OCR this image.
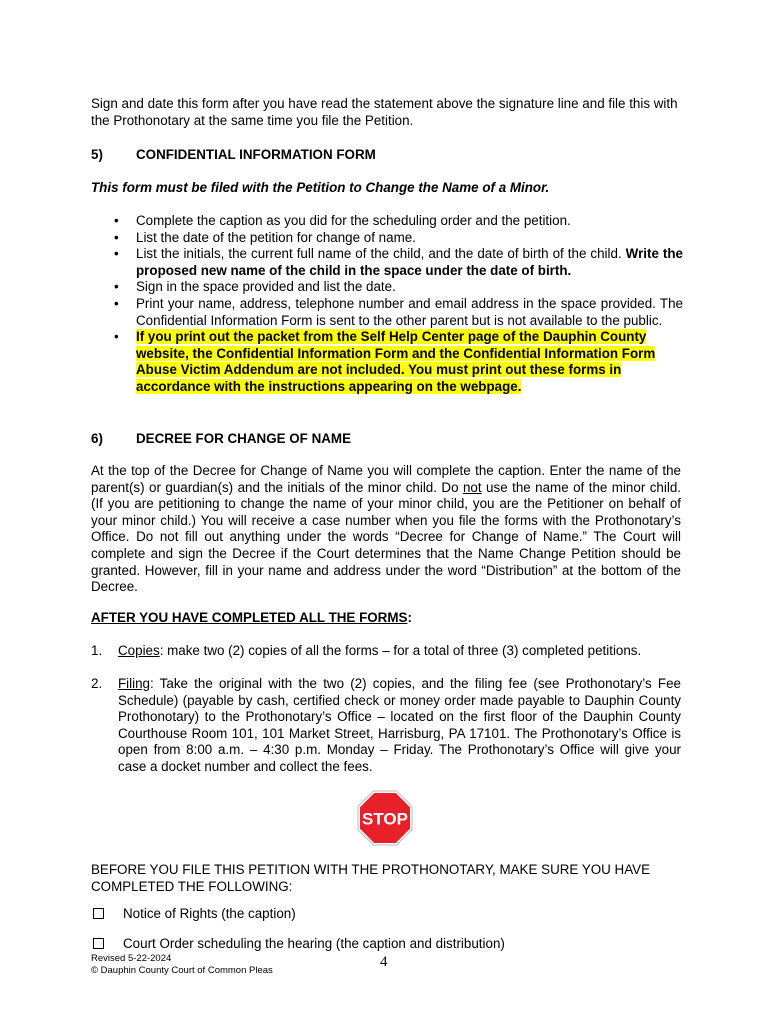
Sign and date this form after you have read the statement above the signature line and file this with the Prothonotary at the same time you file the Petition.

5) CONFIDENTIAL INFORMATION FORM
This form must be filed with the Petition to Change the Name of a Minor.
• Complete the caption as you did for the scheduling order and the petition.
• List the date of the petition for change of name.
• List the initials, the current full name of the child, and the date of birth of the child. Write the proposed new name of the child in the space under the date of birth.
• Sign in the space provided and list the date.
• Print your name, address, telephone number and email address in the space provided. The Confidential Information Form is sent to the other parent but is not available to the public.
• If you print out the packet from the Self Help Center page of the Dauphin County website, the Confidential Information Form and the Confidential Information Form Abuse Victim Addendum are not included. You must print out these forms in accordance with the instructions appearing on the webpage.
6) DECREE FOR CHANGE OF NAME

At the top of the Decree for Change of Name you will complete the caption. Enter the name of the parent(s) or guardian(s) and the initials of the minor child. Do not use the name of the minor child. (If you are petitioning to change the name of your minor child, you are the Petitioner on behalf of your minor child.) You will receive a case number when you file the forms with the Prothonotary’s Office. Do not fill out anything under the words “Decree for Change of Name.” The Court will complete and sign the Decree if the Court determines that the Name Change Petition should be granted. However, fill in your name and address under the word “Distribution” at the bottom of the Decree.

AFTER YOU HAVE COMPLETED ALL THE FORMS:
1. Copies: make two (2) copies of all the forms – for a total of three (3) completed petitions.
2. Filing: Take the original with the two (2) copies, and the filing fee (see Prothonotary’s Fee Schedule) (payable by cash, certified check or money order made payable to Dauphin County Prothonotary) to the Prothonotary’s Office – located on the first floor of the Dauphin County Courthouse Room 101, 101 Market Street, Harrisburg, PA 17101. The Prothonotary’s Office is open from 8:00 a.m. – 4:30 p.m. Monday – Friday. The Prothonotary’s Office will give your case a docket number and collect the fees.
STOP

BEFORE YOU FILE THIS PETITION WITH THE PROTHONOTARY, MAKE SURE YOU HAVE COMPLETED THE FOLLOWING:

Notice of Rights (the caption)
Court Order scheduling the hearing (the caption and distribution)
Revised 5-22-2024
© Dauphin County Court of Common Pleas
4
